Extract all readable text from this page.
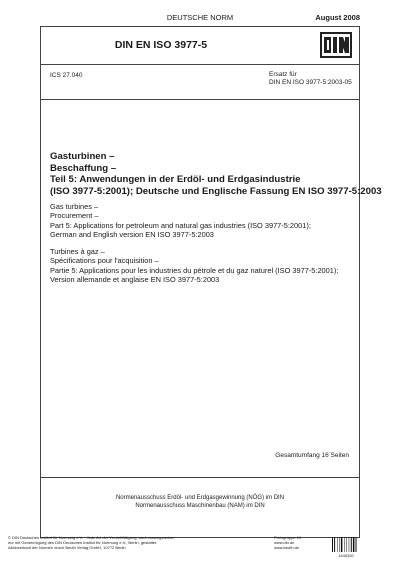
DEUTSCHE NORM	August 2008
DIN EN ISO 3977-5
ICS 27.040	Ersatz für
DIN EN ISO 3977-5:2003-05
Gasturbinen –
Beschaffung –
Teil 5: Anwendungen in der Erdöl- und Erdgasindustrie
(ISO 3977-5:2001); Deutsche und Englische Fassung EN ISO 3977-5:2003
Gas turbines –
Procurement –
Part 5: Applications for petroleum and natural gas industries (ISO 3977-5:2001);
German and English version EN ISO 3977-5:2003
Turbines à gaz –
Spécifications pour l'acquisition –
Partie 5: Applications pour les industries du pétrole et du gaz naturel (ISO 3977-5:2001);
Version allemande et anglaise EN ISO 3977-5:2003
Gesamtumfang 16 Seiten
Normenausschuss Erdöl- und Erdgasgewinnung (NÖG) im DIN
Normenausschuss Maschinenbau (NAM) im DIN
© DIN Deutsches Institut für Normung e.V. · Jede Art der Vervielfältigung, auch auszugsweise,
nur mit Genehmigung des DIN Deutsches Institut für Normung e.V., Berlin, gestattet.
Alleinverkauf der Normen durch Beuth Verlag GmbH, 10772 Berlin
Preisgruppe 10
www.din.de
www.beuth.de
1440320
